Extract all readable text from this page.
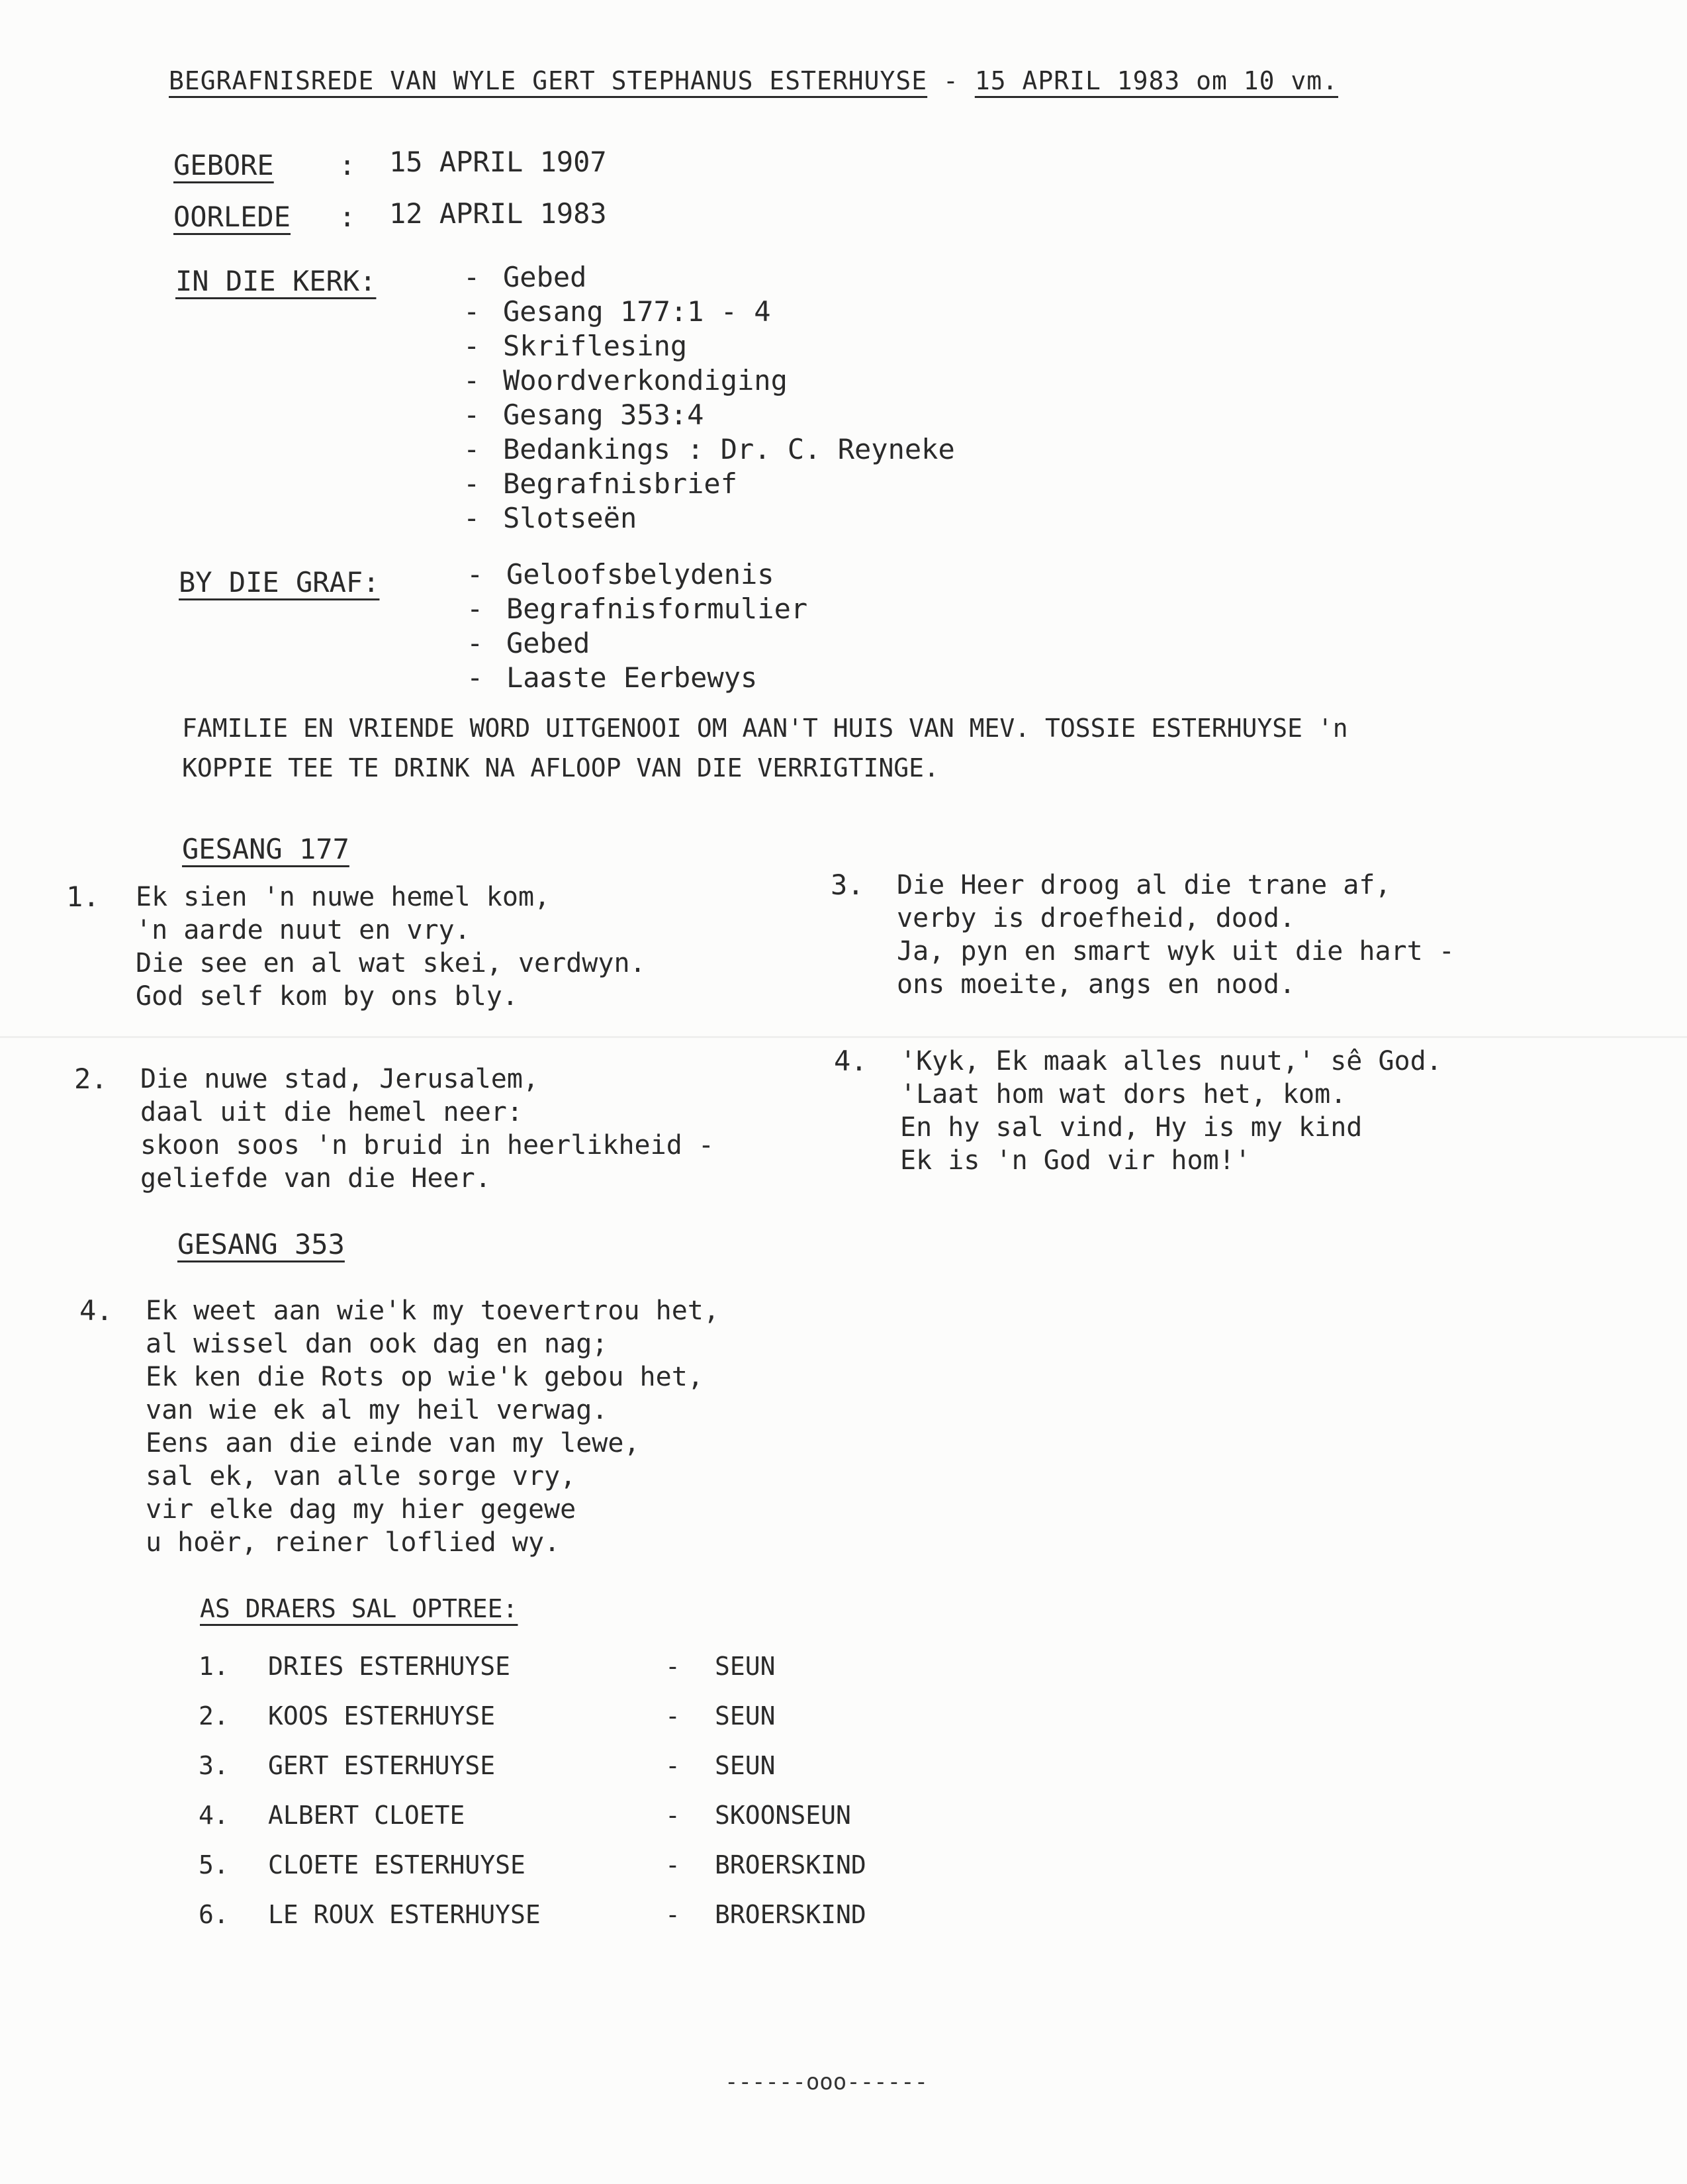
BEGRAFNISREDE VAN WYLE GERT STEPHANUS ESTERHUYSE - 15 APRIL 1983 om 10 vm.
GEBORE : 15 APRIL 1907
OORLEDE : 12 APRIL 1983
IN DIE KERK:	- Gebed
- Gesang 177:1 - 4
- Skriflesing
- Woordverkondiging
- Gesang 353:4
- Bedankings : Dr. C. Reyneke
- Begrafnisbrief
- Slotseën
BY DIE GRAF:	- Geloofsbelydenis
- Begrafnisformulier
- Gebed
- Laaste Eerbewys
FAMILIE EN VRIENDE WORD UITGENOOI OM AAN'T HUIS VAN MEV. TOSSIE ESTERHUYSE 'n
KOPPIE TEE TE DRINK NA AFLOOP VAN DIE VERRIGTINGE.
GESANG 177
1. Ek sien 'n nuwe hemel kom,
'n aarde nuut en vry.
Die see en al wat skei, verdwyn.
God self kom by ons bly.
2. Die nuwe stad, Jerusalem,
daal uit die hemel neer:
skoon soos 'n bruid in heerlikheid -
geliefde van die Heer.
3. Die Heer droog al die trane af,
verby is droefheid, dood.
Ja, pyn en smart wyk uit die hart -
ons moeite, angs en nood.
4. 'Kyk, Ek maak alles nuut,' sê God.
'Laat hom wat dors het, kom.
En hy sal vind, Hy is my kind
Ek is 'n God vir hom!'
GESANG 353
4. Ek weet aan wie'k my toevertrou het,
al wissel dan ook dag en nag;
Ek ken die Rots op wie'k gebou het,
van wie ek al my heil verwag.
Eens aan die einde van my lewe,
sal ek, van alle sorge vry,
vir elke dag my hier gegewe
u hoër, reiner loflied wy.
AS DRAERS SAL OPTREE:
1.	DRIES ESTERHUYSE	- SEUN
2.	KOOS ESTERHUYSE	- SEUN
3.	GERT ESTERHUYSE	- SEUN
4.	ALBERT CLOETE	- SKOONSEUN
5.	CLOETE ESTERHUYSE	- BROERSKIND
6.	LE ROUX ESTERHUYSE	- BROERSKIND
------ooo------
